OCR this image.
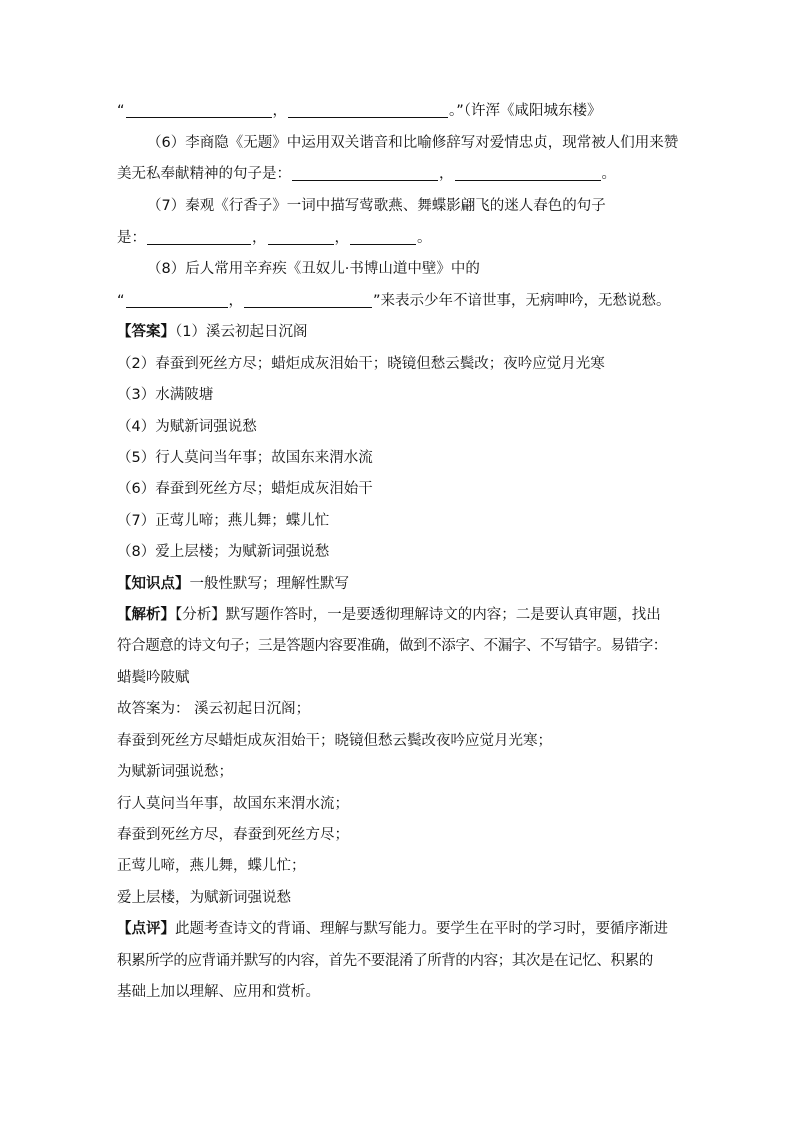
“	，	。”（许浑《咸阳城东楼》
（6）李商隐《无题》中运用双关谐音和比喻修辞写对爱情忠贞，现常被人们用来赞
美无私奉献精神的句子是：	，	。
（7）秦观《行香子》一词中描写莺歌燕、舞蝶影翩飞的迷人春色的句子
是：	，	，	。
（8）后人常用辛弃疾《丑奴儿·书博山道中壁》中的
“	，	”来表示少年不谙世事，无病呻吟，无愁说愁。
【答案】（1）溪云初起日沉阁
（2）春蚕到死丝方尽；蜡炬成灰泪始干；晓镜但愁云鬓改；夜吟应觉月光寒
（3）水满陂塘
（4）为赋新词强说愁
（5）行人莫问当年事；故国东来渭水流
（6）春蚕到死丝方尽；蜡炬成灰泪始干
（7）正莺儿啼；燕儿舞；蝶儿忙
（8）爱上层楼；为赋新词强说愁
【知识点】一般性默写；理解性默写
【解析】【分析】默写题作答时，一是要透彻理解诗文的内容；二是要认真审题，找出
符合题意的诗文句子；三是答题内容要准确，做到不添字、不漏字、不写错字。易错字：
蜡鬓吟陂赋
故答案为： 溪云初起日沉阁；
春蚕到死丝方尽蜡炬成灰泪始干；晓镜但愁云鬓改夜吟应觉月光寒；
为赋新词强说愁；
行人莫问当年事，故国东来渭水流；
春蚕到死丝方尽，春蚕到死丝方尽；
正莺儿啼，燕儿舞，蝶儿忙；
爱上层楼，为赋新词强说愁
【点评】此题考查诗文的背诵、理解与默写能力。要学生在平时的学习时，要循序渐进
积累所学的应背诵并默写的内容，首先不要混淆了所背的内容；其次是在记忆、积累的
基础上加以理解、应用和赏析。
